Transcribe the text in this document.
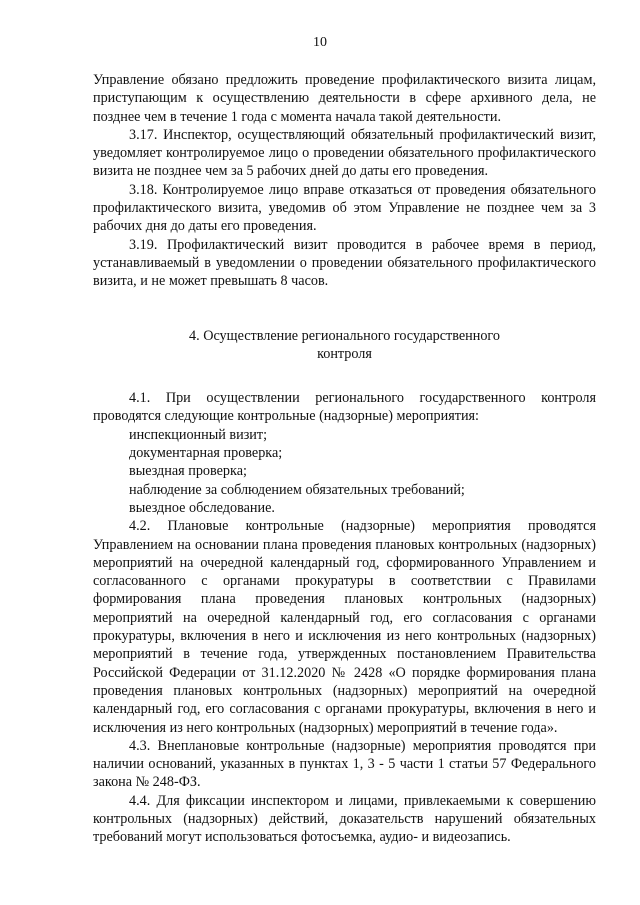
10

Управление обязано предложить проведение профилактического визита лицам, приступающим к осуществлению деятельности в сфере архивного дела, не позднее чем в течение 1 года с момента начала такой деятельности.

3.17. Инспектор, осуществляющий обязательный профилактический визит, уведомляет контролируемое лицо о проведении обязательного профилактического визита не позднее чем за 5 рабочих дней до даты его проведения.

3.18. Контролируемое лицо вправе отказаться от проведения обязательного профилактического визита, уведомив об этом Управление не позднее чем за 3 рабочих дня до даты его проведения.

3.19. Профилактический визит проводится в рабочее время в период, устанавливаемый в уведомлении о проведении обязательного профилактического визита, и не может превышать 8 часов.

4. Осуществление регионального государственного

контроля

4.1. При осуществлении регионального государственного контроля проводятся следующие контрольные (надзорные) мероприятия:

инспекционный визит;

документарная проверка;

выездная проверка;

наблюдение за соблюдением обязательных требований;

выездное обследование.

4.2. Плановые контрольные (надзорные) мероприятия проводятся Управлением на основании плана проведения плановых контрольных (надзорных) мероприятий на очередной календарный год, сформированного Управлением и согласованного с органами прокуратуры в соответствии с Правилами формирования плана проведения плановых контрольных (надзорных) мероприятий на очередной календарный год, его согласования с органами прокуратуры, включения в него и исключения из него контрольных (надзорных) мероприятий в течение года, утвержденных постановлением Правительства Российской Федерации от 31.12.2020 № 2428 «О порядке формирования плана проведения плановых контрольных (надзорных) мероприятий на очередной календарный год, его согласования с органами прокуратуры, включения в него и исключения из него контрольных (надзорных) мероприятий в течение года».

4.3. Внеплановые контрольные (надзорные) мероприятия проводятся при наличии оснований, указанных в пунктах 1, 3 - 5 части 1 статьи 57 Федерального закона № 248-ФЗ.

4.4. Для фиксации инспектором и лицами, привлекаемыми к совершению контрольных (надзорных) действий, доказательств нарушений обязательных требований могут использоваться фотосъемка, аудио- и видеозапись.
